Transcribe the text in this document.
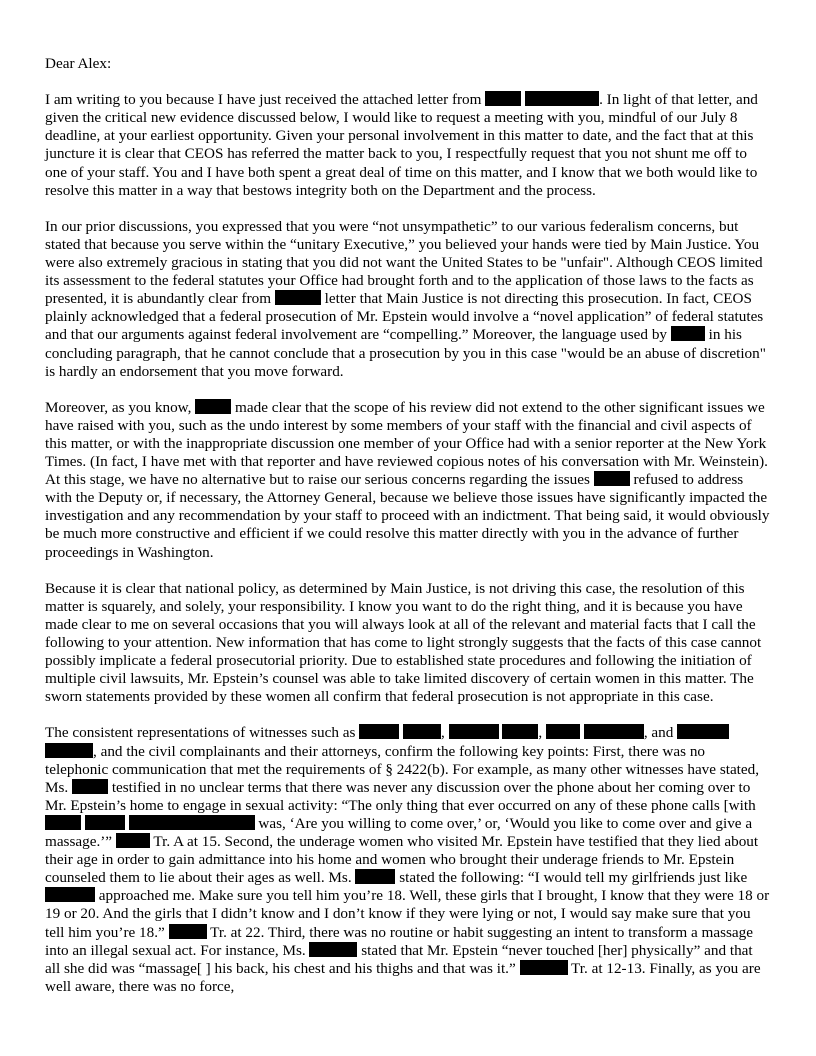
Dear Alex:

I am writing to you because I have just received the attached letter from	. In light of that letter, and given the critical new evidence discussed below, I would like to request a meeting with you, mindful of our July 8 deadline, at your earliest opportunity. Given your personal involvement in this matter to date, and the fact that at this juncture it is clear that CEOS has referred the matter back to you, I respectfully request that you not shunt me off to one of your staff. You and I have both spent a great deal of time on this matter, and I know that we both would like to resolve this matter in a way that bestows integrity both on the Department and the process.

In our prior discussions, you expressed that you were “not unsympathetic” to our various federalism concerns, but stated that because you serve within the “unitary Executive,” you believed your hands were tied by Main Justice. You were also extremely gracious in stating that you did not want the United States to be "unfair". Although CEOS limited its assessment to the federal statutes your Office had brought forth and to the application of those laws to the facts as presented, it is abundantly clear from	letter that Main Justice is not directing this prosecution. In fact, CEOS plainly acknowledged that a federal prosecution of Mr. Epstein would involve a “novel application” of federal statutes and that our arguments against federal involvement are “compelling.” Moreover, the language used by	in his concluding paragraph, that he cannot conclude that a prosecution by you in this case "would be an abuse of discretion" is hardly an endorsement that you move forward.

Moreover, as you know,	made clear that the scope of his review did not extend to the other significant issues we have raised with you, such as the undo interest by some members of your staff with the financial and civil aspects of this matter, or with the inappropriate discussion one member of your Office had with a senior reporter at the New York Times. (In fact, I have met with that reporter and have reviewed copious notes of his conversation with Mr. Weinstein). At this stage, we have no alternative but to raise our serious concerns regarding the issues	refused to address with the Deputy or, if necessary, the Attorney General, because we believe those issues have significantly impacted the investigation and any recommendation by your staff to proceed with an indictment. That being said, it would obviously be much more constructive and efficient if we could resolve this matter directly with you in the advance of further proceedings in Washington.

Because it is clear that national policy, as determined by Main Justice, is not driving this case, the resolution of this matter is squarely, and solely, your responsibility. I know you want to do the right thing, and it is because you have made clear to me on several occasions that you will always look at all of the relevant and material facts that I call the following to your attention. New information that has come to light strongly suggests that the facts of this case cannot possibly implicate a federal prosecutorial priority. Due to established state procedures and following the initiation of multiple civil lawsuits, Mr. Epstein’s counsel was able to take limited discovery of certain women in this matter. The sworn statements provided by these women all confirm that federal prosecution is not appropriate in this case.

The consistent representations of witnesses such as	,	,	, and  , and the civil complainants and their attorneys, confirm the following key points: First, there was no telephonic communication that met the requirements of § 2422(b). For example, as many other witnesses have stated, Ms.	testified in no unclear terms that there was never any discussion over the phone about her coming over to Mr. Epstein’s home to engage in sexual activity: “The only thing that ever occurred on any of these phone calls [with    was, ‘Are you willing to come over,’ or, ‘Would you like to come over and give a massage.’”	Tr. A at 15. Second, the underage women who visited Mr. Epstein have testified that they lied about their age in order to gain admittance into his home and women who brought their underage friends to Mr. Epstein counseled them to lie about their ages as well. Ms.	stated the following: “I would tell my girlfriends just like  approached me. Make sure you tell him you’re 18. Well, these girls that I brought, I know that they were 18 or 19 or 20. And the girls that I didn’t know and I don’t know if they were lying or not, I would say make sure that you tell him you’re 18.”	Tr. at 22. Third, there was no routine or habit suggesting an intent to transform a massage into an illegal sexual act. For instance, Ms.	stated that Mr. Epstein “never touched [her] physically” and that all she did was “massage[ ] his back, his chest and his thighs and that was it.”	Tr. at 12-13. Finally, as you are well aware, there was no force,
